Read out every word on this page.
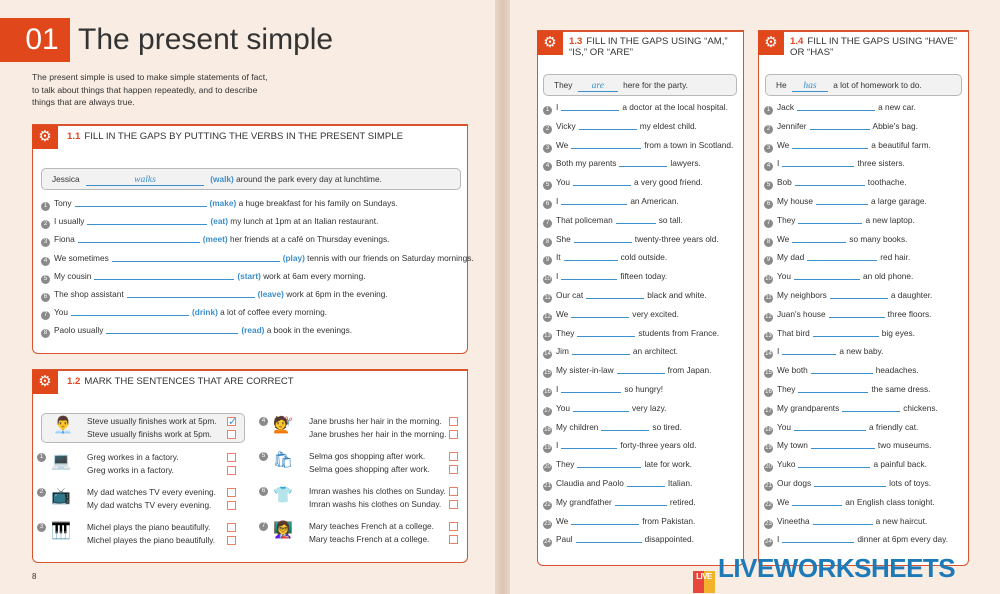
01 The present simple
The present simple is used to make simple statements of fact, to talk about things that happen repeatedly, and to describe things that are always true.
⚙	1.1 FILL IN THE GAPS BY PUTTING THE VERBS IN THE PRESENT SIMPLE
Jessica	walks	(walk) around the park every day at lunchtime.
1 Tony	(make) a huge breakfast for his family on Sundays.
2 I usually	(eat) my lunch at 1pm at an Italian restaurant.
3 Fiona	(meet) her friends at a café on Thursday evenings.
4 We sometimes	(play) tennis with our friends on Saturday mornings.
5 My cousin	(start) work at 6am every morning.
6 The shop assistant	(leave) work at 6pm in the evening.
7 You	(drink) a lot of coffee every morning.
8 Paolo usually	(read) a book in the evenings.
⚙	1.2 MARK THE SENTENCES THAT ARE CORRECT
👨‍💼 Steve usually finishes work at 5pm.
Steve usually finishs work at 5pm.
✓
1 💻 Greg workes in a factory.
Greg works in a factory.
2 📺 My dad watches TV every evening.
My dad watchs TV every evening.
3 🎹 Michel plays the piano beautifully.
Michel playes the piano beautifully.
4 💇 Jane brushs her hair in the morning.
Jane brushes her hair in the morning.
5 🛍 Selma gos shopping after work.
Selma goes shopping after work.
6 👕 Imran washes his clothes on Sunday.
Imran washs his clothes on Sunday.
7 👩‍🏫 Mary teaches French at a college.
Mary teachs French at a college.
⚙	1.3 FILL IN THE GAPS USING “AM,” “IS,” OR “ARE”
They are here for the party.
1 I	a doctor at the local hospital.
2 Vicky	my eldest child.
3 We	from a town in Scotland.
4 Both my parents	lawyers.
5 You	a very good friend.
6 I	an American.
7 That policeman	so tall.
8 She	twenty-three years old.
9 It	cold outside.
10 I	fifteen today.
11 Our cat	black and white.
12 We	very excited.
13 They	students from France.
14 Jim	an architect.
15 My sister-in-law	from Japan.
16 I	so hungry!
17 You	very lazy.
18 My children	so tired.
19 I	forty-three years old.
20 They	late for work.
21 Claudia and Paolo	Italian.
22 My grandfather	retired.
23 We	from Pakistan.
24 Paul	disappointed.
⚙	1.4 FILL IN THE GAPS USING “HAVE” OR “HAS”
He has a lot of homework to do.
1 Jack	a new car.
2 Jennifer	Abbie's bag.
3 We	a beautiful farm.
4 I	three sisters.
5 Bob	toothache.
6 My house	a large garage.
7 They	a new laptop.
8 We	so many books.
9 My dad	red hair.
10 You	an old phone.
11 My neighbors	a daughter.
12 Juan's house	three floors.
13 That bird	big eyes.
14 I	a new baby.
15 We both	headaches.
16 They	the same dress.
17 My grandparents	chickens.
18 You	a friendly cat.
19 My town	two museums.
20 Yuko	a painful back.
21 Our dogs	lots of toys.
22 We	an English class tonight.
23 Vineetha	a new haircut.
24 I	dinner at 6pm every day.
8	LIVE LIVEWORKSHEETS
